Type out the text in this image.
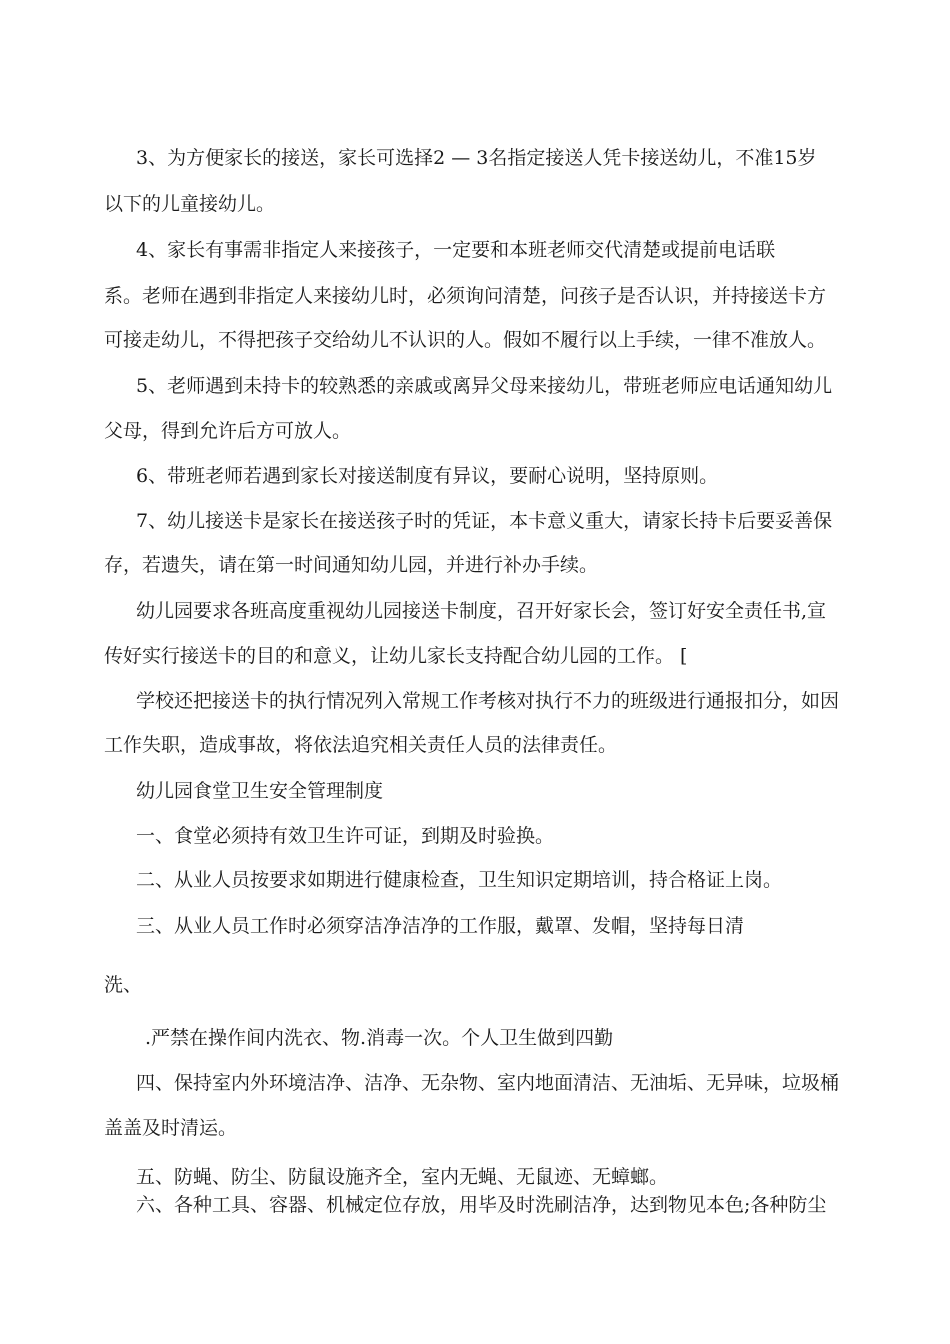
3、为方便家长的接送，家长可选择2 — 3名指定接送人凭卡接送幼儿，不准15岁
以下的儿童接幼儿。
4、家长有事需非指定人来接孩子，一定要和本班老师交代清楚或提前电话联
系。老师在遇到非指定人来接幼儿时，必须询问清楚，问孩子是否认识，并持接送卡方
可接走幼儿，不得把孩子交给幼儿不认识的人。假如不履行以上手续，一律不准放人。
5、老师遇到未持卡的较熟悉的亲戚或离异父母来接幼儿，带班老师应电话通知幼儿
父母，得到允许后方可放人。
6、带班老师若遇到家长对接送制度有异议，要耐心说明，坚持原则。
7、幼儿接送卡是家长在接送孩子时的凭证，本卡意义重大，请家长持卡后要妥善保
存，若遗失，请在第一时间通知幼儿园，并进行补办手续。
幼儿园要求各班高度重视幼儿园接送卡制度，召开好家长会，签订好安全责任书,宣
传好实行接送卡的目的和意义，让幼儿家长支持配合幼儿园的工作。 [
学校还把接送卡的执行情况列入常规工作考核对执行不力的班级进行通报扣分，如因
工作失职，造成事故，将依法追究相关责任人员的法律责任。
幼儿园食堂卫生安全管理制度
一、食堂必须持有效卫生许可证，到期及时验换。
二、从业人员按要求如期进行健康检查，卫生知识定期培训，持合格证上岗。
三、从业人员工作时必须穿洁净洁净的工作服，戴罩、发帽，坚持每日清
洗、
.严禁在操作间内洗衣、物.消毒一次。个人卫生做到四勤
四、保持室内外环境洁净、洁净、无杂物、室内地面清洁、无油垢、无异味，垃圾桶
盖盖及时清运。
五、防蝇、防尘、防鼠设施齐全，室内无蝇、无鼠迹、无蟑螂。
六、各种工具、容器、机械定位存放，用毕及时洗刷洁净，达到物见本色;各种防尘
